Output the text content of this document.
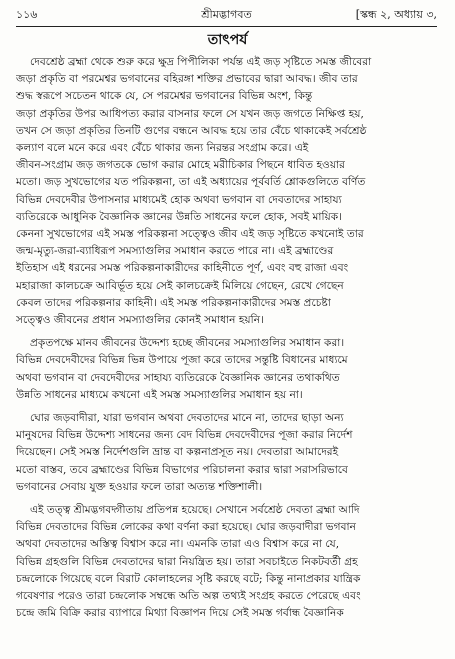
১১৬	শ্রীমদ্ভাগবত	[স্কন্ধ ২, অধ্যায় ৩,
তাৎপর্য

দেবশ্রেষ্ঠ ব্রহ্মা থেকে শুরু করে ক্ষুদ্র পিপীলিকা পর্যন্ত এই জড় সৃষ্টিতে সমস্ত জীবেরা
জড়া প্রকৃতি বা পরমেশ্বর ভগবানের বহিরঙ্গা শক্তির প্রভাবের দ্বারা আবদ্ধ। জীব তার
শুদ্ধ স্বরূপে সচেতন থাকে যে, সে পরমেশ্বর ভগবানের বিভিন্ন অংশ, কিন্তু
জড়া প্রকৃতির উপর আধিপত্য করার বাসনার ফলে সে যখন জড় জগতে নিক্ষিপ্ত হয়,
তখন সে জড়া প্রকৃতির তিনটি গুণের বন্ধনে আবদ্ধ হয়ে তার বেঁচে থাকাকেই সর্বশ্রেষ্ঠ
কল্যাণ বলে মনে করে এবং বেঁচে থাকার জন্য নিরন্তর সংগ্রাম করে। এই
জীবন-সংগ্রাম জড় জগতকে ভোগ করার মোহে মরীচিকার পিছনে ধাবিত হওয়ার
মতো। জড় সুখভোগের যত পরিকল্পনা, তা এই অধ্যায়ের পূর্ববর্তি শ্লোকগুলিতে বর্ণিত
বিভিন্ন দেবদেবীর উপাসনার মাধ্যমেই হোক অথবা ভগবান বা দেবতাদের সাহায্য
ব্যতিরেকে আধুনিক বৈজ্ঞানিক জ্ঞানের উন্নতি সাধনের ফলে হোক, সবই মায়িক।
কেননা সুখভোগের এই সমস্ত পরিকল্পনা সত্ত্বেও জীব এই জড় সৃষ্টিতে কখনোই তার
জন্ম-মৃত্যু-জরা-ব্যাধিরূপ সমস্যাগুলির সমাধান করতে পারে না। এই ব্রহ্মাণ্ডের
ইতিহাস এই ধরনের সমস্ত পরিকল্পনাকারীদের কাহিনীতে পূর্ণ, এবং বহু রাজা এবং
মহারাজা কালচক্রে আবির্ভূত হয়ে সেই কালচক্রেই মিলিয়ে গেছেন, রেখে গেছেন
কেবল তাদের পরিকল্পনার কাহিনী। এই সমস্ত পরিকল্পনাকারীদের সমস্ত প্রচেষ্টা
সত্ত্বেও জীবনের প্রধান সমস্যাগুলির কোনই সমাধান হয়নি।

প্রকৃতপক্ষে মানব জীবনের উদ্দেশ্য হচ্ছে জীবনের সমস্যাগুলির সমাধান করা।
বিভিন্ন দেবদেবীদের বিভিন্ন ভিন্ন উপায়ে পূজা করে তাদের সন্তুষ্টি বিধানের মাধ্যমে
অথবা ভগবান বা দেবদেবীদের সাহায্য ব্যতিরেকে বৈজ্ঞানিক জ্ঞানের তথাকথিত
উন্নতি সাধনের মাধ্যমে কখনো এই সমস্ত সমস্যাগুলির সমাধান হয় না।

ঘোর জড়বাদীরা, যারা ভগবান অথবা দেবতাদের মানে না, তাদের ছাড়া অন্য
মানুষদের বিভিন্ন উদ্দেশ্য সাধনের জন্য বেদ বিভিন্ন দেবদেবীদের পূজা করার নির্দেশ
দিয়েছেন। সেই সমস্ত নির্দেশগুলি ভ্রান্ত বা কল্পনাপ্রসূত নয়। দেবতারা আমাদেরই
মতো বাস্তব, তবে ব্রহ্মাণ্ডের বিভিন্ন বিভাগের পরিচালনা করার দ্বারা সরাসরিভাবে
ভগবানের সেবায় যুক্ত হওয়ার ফলে তারা অত্যন্ত শক্তিশালী।

এই তত্ত্ব শ্রীমদ্ভগবদ্গীতায় প্রতিপন্ন হয়েছে। সেখানে সর্বশ্রেষ্ঠ দেবতা ব্রহ্মা আদি
বিভিন্ন দেবতাদের বিভিন্ন লোকের কথা বর্ণনা করা হয়েছে। ঘোর জড়বাদীরা ভগবান
অথবা দেবতাদের অস্তিত্ব বিশ্বাস করে না। এমনকি তারা এও বিশ্বাস করে না যে,
বিভিন্ন গ্রহগুলি বিভিন্ন দেবতাদের দ্বারা নিয়ন্ত্রিত হয়। তারা সবচাইতে নিকটবর্তী গ্রহ
চন্দ্রলোকে গিয়েছে বলে বিরাট কোলাহলের সৃষ্টি করছে বটে; কিন্তু নানাপ্রকার যান্ত্রিক
গবেষণার পরেও তারা চন্দ্রলোক সম্বন্ধে অতি অল্প তথ্যই সংগ্রহ করতে পেরেছে এবং
চন্দ্রে জমি বিক্রি করার ব্যাপারে মিথ্যা বিজ্ঞাপন দিয়ে সেই সমস্ত গর্বান্ধ বৈজ্ঞানিক
